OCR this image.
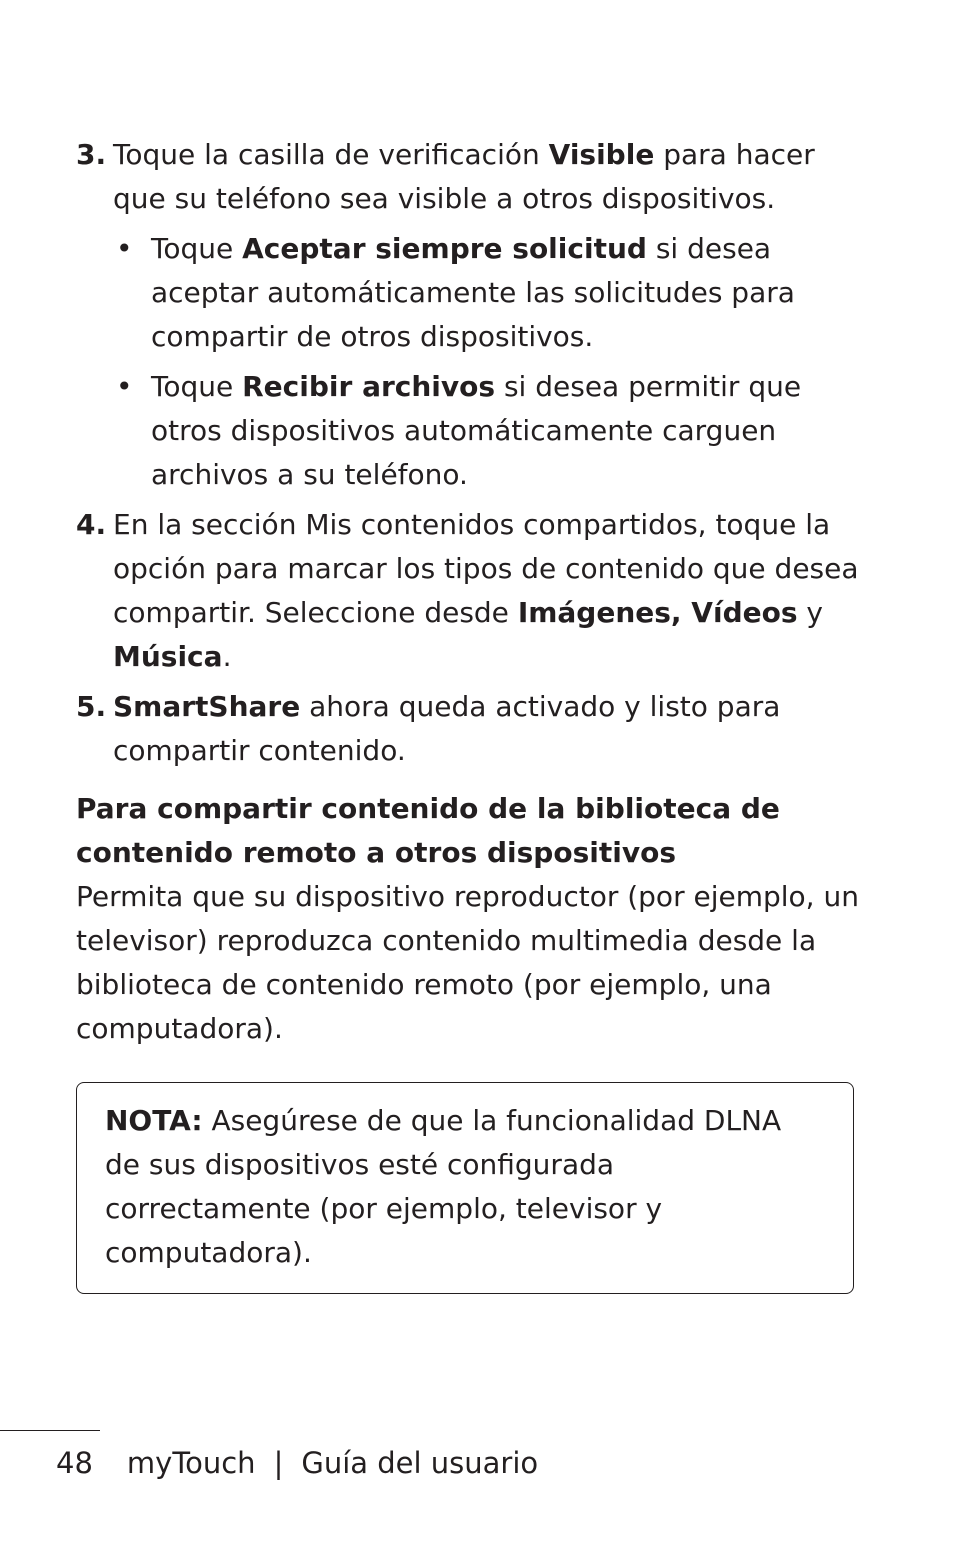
3. Toque la casilla de verificación Visible para hacer que su teléfono sea visible a otros dispositivos.
• Toque Aceptar siempre solicitud si desea aceptar automáticamente las solicitudes para compartir de otros dispositivos.
• Toque Recibir archivos si desea permitir que otros dispositivos automáticamente carguen archivos a su teléfono.
4. En la sección Mis contenidos compartidos, toque la opción para marcar los tipos de contenido que desea compartir. Seleccione desde Imágenes, Vídeos y Música.
5. SmartShare ahora queda activado y listo para compartir contenido.
Para compartir contenido de la biblioteca de contenido remoto a otros dispositivos
Permita que su dispositivo reproductor (por ejemplo, un televisor) reproduzca contenido multimedia desde la biblioteca de contenido remoto (por ejemplo, una computadora).
NOTA: Asegúrese de que la funcionalidad DLNA de sus dispositivos esté configurada correctamente (por ejemplo, televisor y computadora).
48 myTouch | Guía del usuario
